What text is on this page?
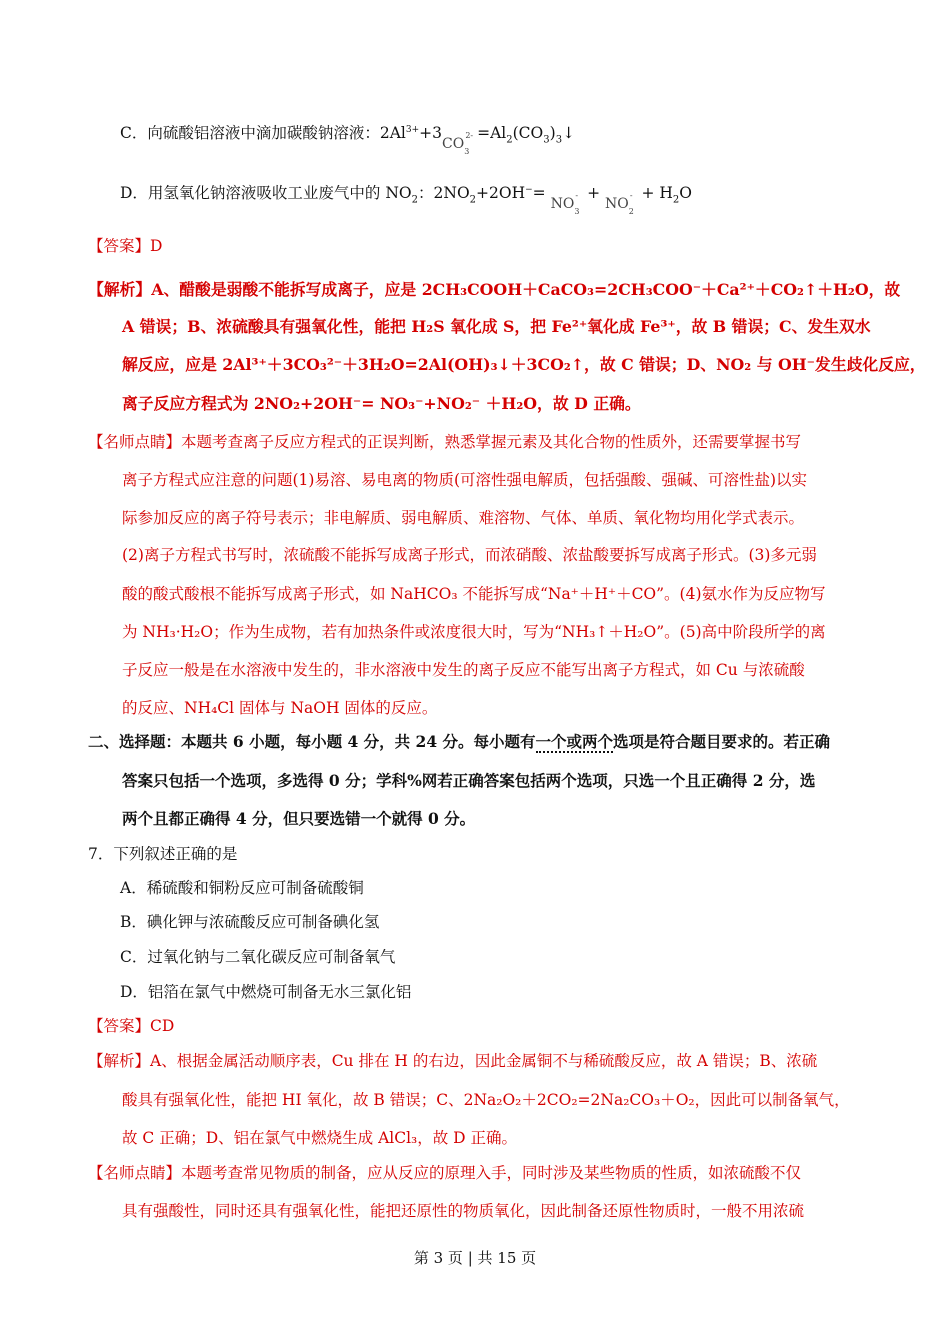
C．向硫酸铝溶液中滴加碳酸钠溶液：$2Al^{3+}+3CO_3^{2-}$ $=Al_2(CO_3)_3↓$
D．用氢氧化钠溶液吸收工业废气中的 $NO_2$：$2NO_2+2OH^-= NO_3^- + NO_2^- + H_2O$
【答案】D
【解析】A、醋酸是弱酸不能拆写成离子，应是 2CH₃COOH＋CaCO₃=2CH₃COO⁻＋Ca²⁺＋CO₂↑＋H₂O，故
A 错误；B、浓硫酸具有强氧化性，能把 H₂S 氧化成 S，把 Fe²⁺氧化成 Fe³⁺，故 B 错误；C、发生双水
解反应，应是 2Al³⁺＋3CO₃²⁻＋3H₂O=2Al(OH)₃↓＋3CO₂↑，故 C 错误；D、NO₂ 与 OH⁻发生歧化反应，
离子反应方程式为 2NO₂+2OH⁻= NO₃⁻+NO₂⁻ ＋H₂O，故 D 正确。
【名师点睛】本题考查离子反应方程式的正误判断，熟悉掌握元素及其化合物的性质外，还需要掌握书写
离子方程式应注意的问题(1)易溶、易电离的物质(可溶性强电解质，包括强酸、强碱、可溶性盐)以实
际参加反应的离子符号表示；非电解质、弱电解质、难溶物、气体、单质、氧化物均用化学式表示。
(2)离子方程式书写时，浓硫酸不能拆写成离子形式，而浓硝酸、浓盐酸要拆写成离子形式。(3)多元弱
酸的酸式酸根不能拆写成离子形式，如 NaHCO₃ 不能拆写成“Na⁺＋H⁺＋CO”。(4)氨水作为反应物写
为 NH₃·H₂O；作为生成物，若有加热条件或浓度很大时，写为“NH₃↑＋H₂O”。(5)高中阶段所学的离
子反应一般是在水溶液中发生的，非水溶液中发生的离子反应不能写出离子方程式，如 Cu 与浓硫酸
的反应、NH₄Cl 固体与 NaOH 固体的反应。
二、选择题：本题共 6 小题，每小题 4 分，共 24 分。每小题有一个或两个选项是符合题目要求的。若正确
答案只包括一个选项，多选得 0 分；学科%网若正确答案包括两个选项，只选一个且正确得 2 分，选
两个且都正确得 4 分，但只要选错一个就得 0 分。
7．下列叙述正确的是
A．稀硫酸和铜粉反应可制备硫酸铜
B．碘化钾与浓硫酸反应可制备碘化氢
C．过氧化钠与二氧化碳反应可制备氧气
D．铝箔在氯气中燃烧可制备无水三氯化铝
【答案】CD
【解析】A、根据金属活动顺序表，Cu 排在 H 的右边，因此金属铜不与稀硫酸反应，故 A 错误；B、浓硫
酸具有强氧化性，能把 HI 氧化，故 B 错误；C、2Na₂O₂＋2CO₂=2Na₂CO₃＋O₂，因此可以制备氧气，
故 C 正确；D、铝在氯气中燃烧生成 AlCl₃，故 D 正确。
【名师点睛】本题考查常见物质的制备，应从反应的原理入手，同时涉及某些物质的性质，如浓硫酸不仅
具有强酸性，同时还具有强氧化性，能把还原性的物质氧化，因此制备还原性物质时，一般不用浓硫
第 3 页 | 共 15 页
